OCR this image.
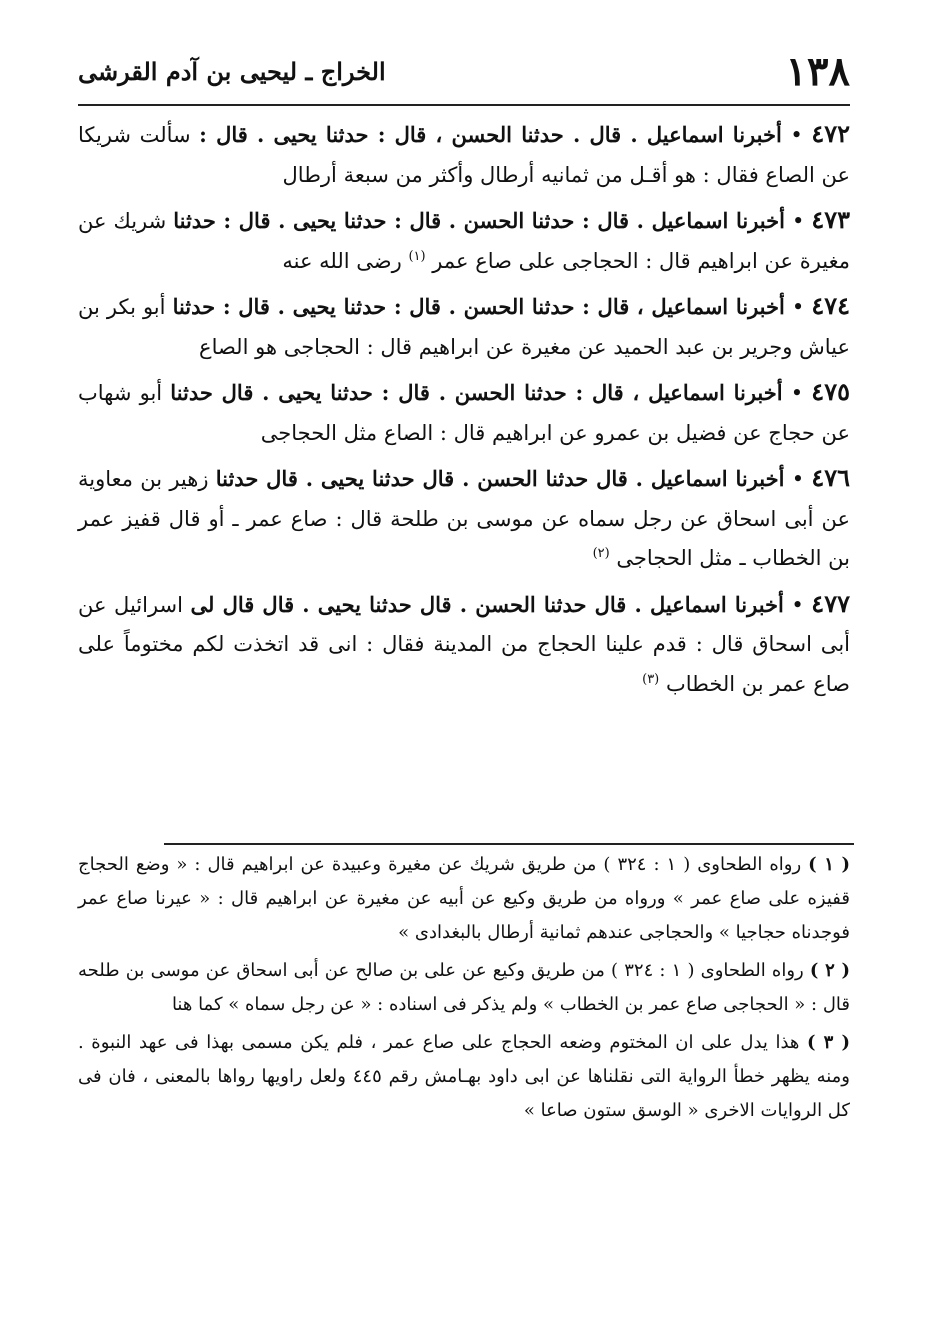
١٣٨
الخراج ـ ليحيى بن آدم القرشى

٤٧٢ • أخبرنا اسماعيل . قال . حدثنا الحسن ، قال : حدثنا يحيى . قال : سألت شريكا عن الصاع فقال : هو أقـل من ثمانيه أرطال وأكثر من سبعة أرطال

٤٧٣ • أخبرنا اسماعيل . قال : حدثنا الحسن . قال : حدثنا يحيى . قال : حدثنا شريك عن مغيرة عن ابراهيم قال : الحجاجى على صاع عمر $^{(١)}$ رضى الله عنه

٤٧٤ • أخبرنا اسماعيل ، قال : حدثنا الحسن . قال : حدثنا يحيى . قال : حدثنا أبو بكر بن عياش وجرير بن عبد الحميد عن مغيرة عن ابراهيم قال : الحجاجى هو الصاع

٤٧٥ • أخبرنا اسماعيل ، قال : حدثنا الحسن . قال : حدثنا يحيى . قال حدثنا أبو شهاب عن حجاج عن فضيل بن عمرو عن ابراهيم قال : الصاع مثل الحجاجى

٤٧٦ • أخبرنا اسماعيل . قال حدثنا الحسن . قال حدثنا يحيى . قال حدثنا زهير بن معاوية عن أبى اسحاق عن رجل سماه عن موسى بن طلحة قال : صاع عمر ـ أو قال قفيز عمر بن الخطاب ـ مثل الحجاجى $^{(٢)}$

٤٧٧ • أخبرنا اسماعيل . قال حدثنا الحسن . قال حدثنا يحيى . قال قال لى اسرائيل عن أبى اسحاق قال : قدم علينا الحجاج من المدينة فقال : انى قد اتخذت لكم مختوماً على صاع عمر بن الخطاب $^{(٣)}$

( ١ ) رواه الطحاوى ( ١ : ٣٢٤ ) من طريق شريك عن مغيرة وعبيدة عن ابراهيم قال : « وضع الحجاج قفيزه على صاع عمر » ورواه من طريق وكيع عن أبيه عن مغيرة عن ابراهيم قال : « عيرنا صاع عمر فوجدناه حجاجيا » والحجاجى عندهم ثمانية أرطال بالبغدادى »

( ٢ ) رواه الطحاوى ( ١ : ٣٢٤ ) من طريق وكيع عن على بن صالح عن أبى اسحاق عن موسى بن طلحه قال : « الحجاجى صاع عمر بن الخطاب » ولم يذكر فى اسناده : « عن رجل سماه » كما هنا

( ٣ ) هذا يدل على ان المختوم وضعه الحجاج على صاع عمر ، فلم يكن مسمى بهذا فى عهد النبوة . ومنه يظهر خطأ الرواية التى نقلناها عن ابى داود بهـامش رقم ٤٤٥ ولعل راويها رواها بالمعنى ، فان فى كل الروايات الاخرى « الوسق ستون صاعا »
